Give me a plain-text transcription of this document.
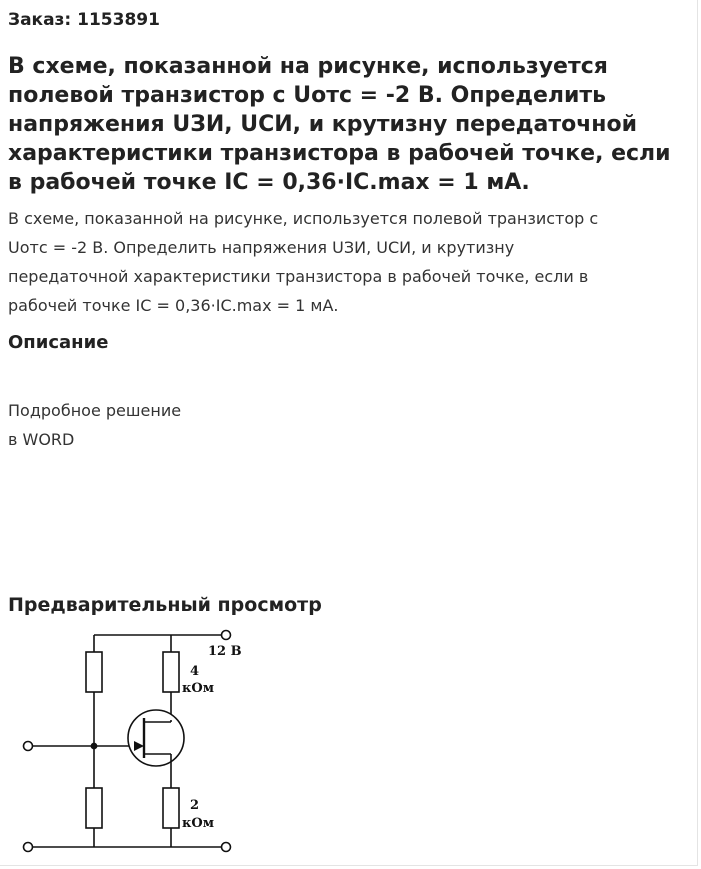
Заказ: 1153891
В схеме, показанной на рисунке, используется полевой транзистор с Uотс = -2 В. Определить напряжения UЗИ, UСИ, и крутизну передаточной характеристики транзистора в рабочей точке, если в рабочей точке IC = 0,36·IC.max = 1 мА.
В схеме, показанной на рисунке, используется полевой транзистор с
Uотс = -2 В. Определить напряжения UЗИ, UСИ, и крутизну
передаточной характеристики транзистора в рабочей точке, если в
рабочей точке IC = 0,36·IC.max = 1 мА.
Описание
Подробное решение
в WORD
Предварительный просмотр
12 В
4
кОм
2
кОм
